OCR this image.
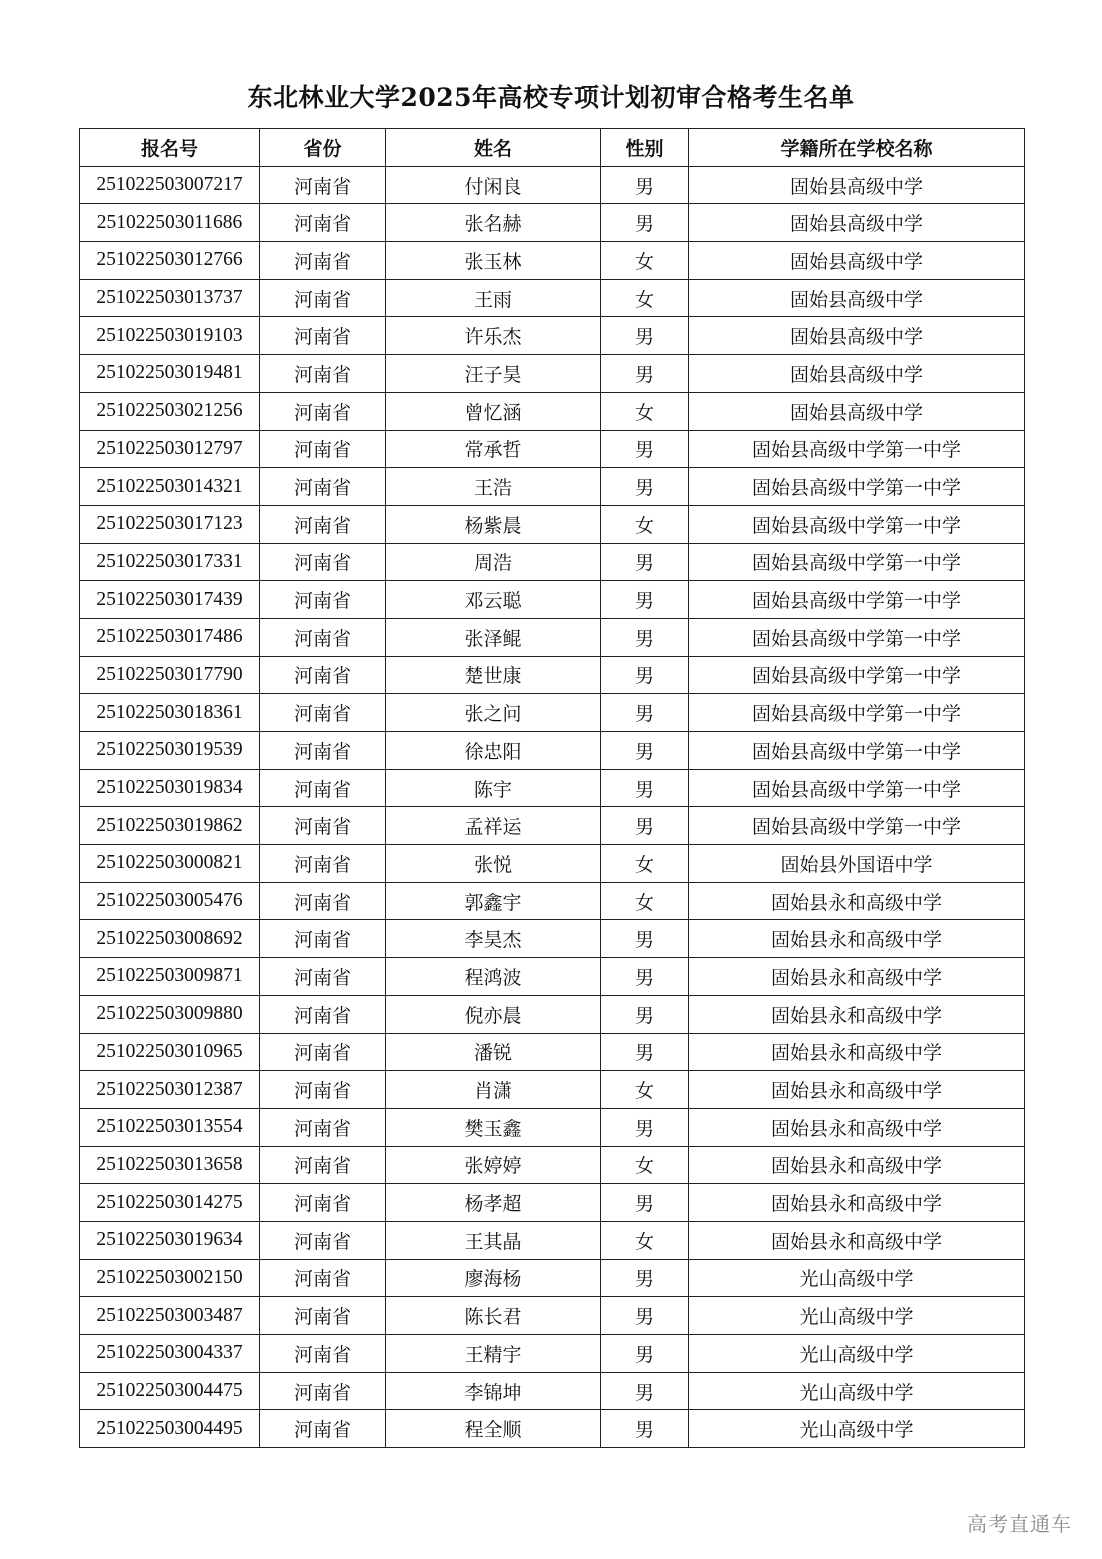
东北林业大学2025年高校专项计划初审合格考生名单
报名号	省份	姓名	性别	学籍所在学校名称
251022503007217	河南省	付闲良	男	固始县高级中学
251022503011686	河南省	张名赫	男	固始县高级中学
251022503012766	河南省	张玉林	女	固始县高级中学
251022503013737	河南省	王雨	女	固始县高级中学
251022503019103	河南省	许乐杰	男	固始县高级中学
251022503019481	河南省	汪子昊	男	固始县高级中学
251022503021256	河南省	曾忆涵	女	固始县高级中学
251022503012797	河南省	常承哲	男	固始县高级中学第一中学
251022503014321	河南省	王浩	男	固始县高级中学第一中学
251022503017123	河南省	杨紫晨	女	固始县高级中学第一中学
251022503017331	河南省	周浩	男	固始县高级中学第一中学
251022503017439	河南省	邓云聪	男	固始县高级中学第一中学
251022503017486	河南省	张泽鲲	男	固始县高级中学第一中学
251022503017790	河南省	楚世康	男	固始县高级中学第一中学
251022503018361	河南省	张之问	男	固始县高级中学第一中学
251022503019539	河南省	徐忠阳	男	固始县高级中学第一中学
251022503019834	河南省	陈宇	男	固始县高级中学第一中学
251022503019862	河南省	孟祥运	男	固始县高级中学第一中学
251022503000821	河南省	张悦	女	固始县外国语中学
251022503005476	河南省	郭鑫宇	女	固始县永和高级中学
251022503008692	河南省	李昊杰	男	固始县永和高级中学
251022503009871	河南省	程鸿波	男	固始县永和高级中学
251022503009880	河南省	倪亦晨	男	固始县永和高级中学
251022503010965	河南省	潘锐	男	固始县永和高级中学
251022503012387	河南省	肖潇	女	固始县永和高级中学
251022503013554	河南省	樊玉鑫	男	固始县永和高级中学
251022503013658	河南省	张婷婷	女	固始县永和高级中学
251022503014275	河南省	杨孝超	男	固始县永和高级中学
251022503019634	河南省	王其晶	女	固始县永和高级中学
251022503002150	河南省	廖海杨	男	光山高级中学
251022503003487	河南省	陈长君	男	光山高级中学
251022503004337	河南省	王精宇	男	光山高级中学
251022503004475	河南省	李锦坤	男	光山高级中学
251022503004495	河南省	程全顺	男	光山高级中学
高考直通车
